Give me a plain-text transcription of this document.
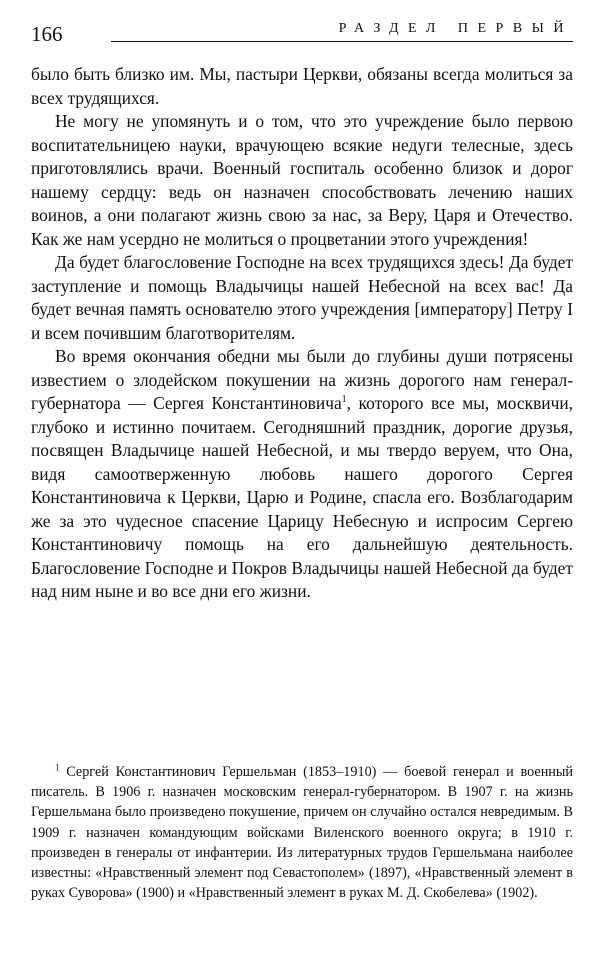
166	РАЗДЕЛ ПЕРВЫЙ

было быть близко им. Мы, пастыри Церкви, обязаны всегда молиться за всех трудящихся.

Не могу не упомянуть и о том, что это учреждение было первою воспитательницею науки, врачующею всякие недуги телесные, здесь приготовлялись врачи. Военный госпиталь особенно близок и дорог нашему сердцу: ведь он назначен способствовать лечению наших воинов, а они полагают жизнь свою за нас, за Веру, Царя и Отечество. Как же нам усердно не молиться о процветании этого учреждения!

Да будет благословение Господне на всех трудящихся здесь! Да будет заступление и помощь Владычицы нашей Небесной на всех вас! Да будет вечная память основателю этого учреждения [императору] Петру I и всем почившим благотворителям.

Во время окончания обедни мы были до глубины души потрясены известием о злодейском покушении на жизнь дорогого нам генерал-губернатора — Сергея Константиновича$^1$, которого все мы, москвичи, глубоко и истинно почитаем. Сегодняшний праздник, дорогие друзья, посвящен Владычице нашей Небесной, и мы твердо веруем, что Она, видя самоотверженную любовь нашего дорогого Сергея Константиновича к Церкви, Царю и Родине, спасла его. Возблагодарим же за это чудесное спасение Царицу Небесную и испросим Сергею Константиновичу помощь на его дальнейшую деятельность. Благословение Господне и Покров Владычицы нашей Небесной да будет над ним ныне и во все дни его жизни.

$^1$ Сергей Константинович Гершельман (1853–1910) — боевой генерал и военный писатель. В 1906 г. назначен московским генерал-губернатором. В 1907 г. на жизнь Гершельмана было произведено покушение, причем он случайно остался невредимым. В 1909 г. назначен командующим войсками Виленского военного округа; в 1910 г. произведен в генералы от инфантерии. Из литературных трудов Гершельмана наиболее известны: «Нравственный элемент под Севастополем» (1897), «Нравственный элемент в руках Суворова» (1900) и «Нравственный элемент в руках М. Д. Скобелева» (1902).
